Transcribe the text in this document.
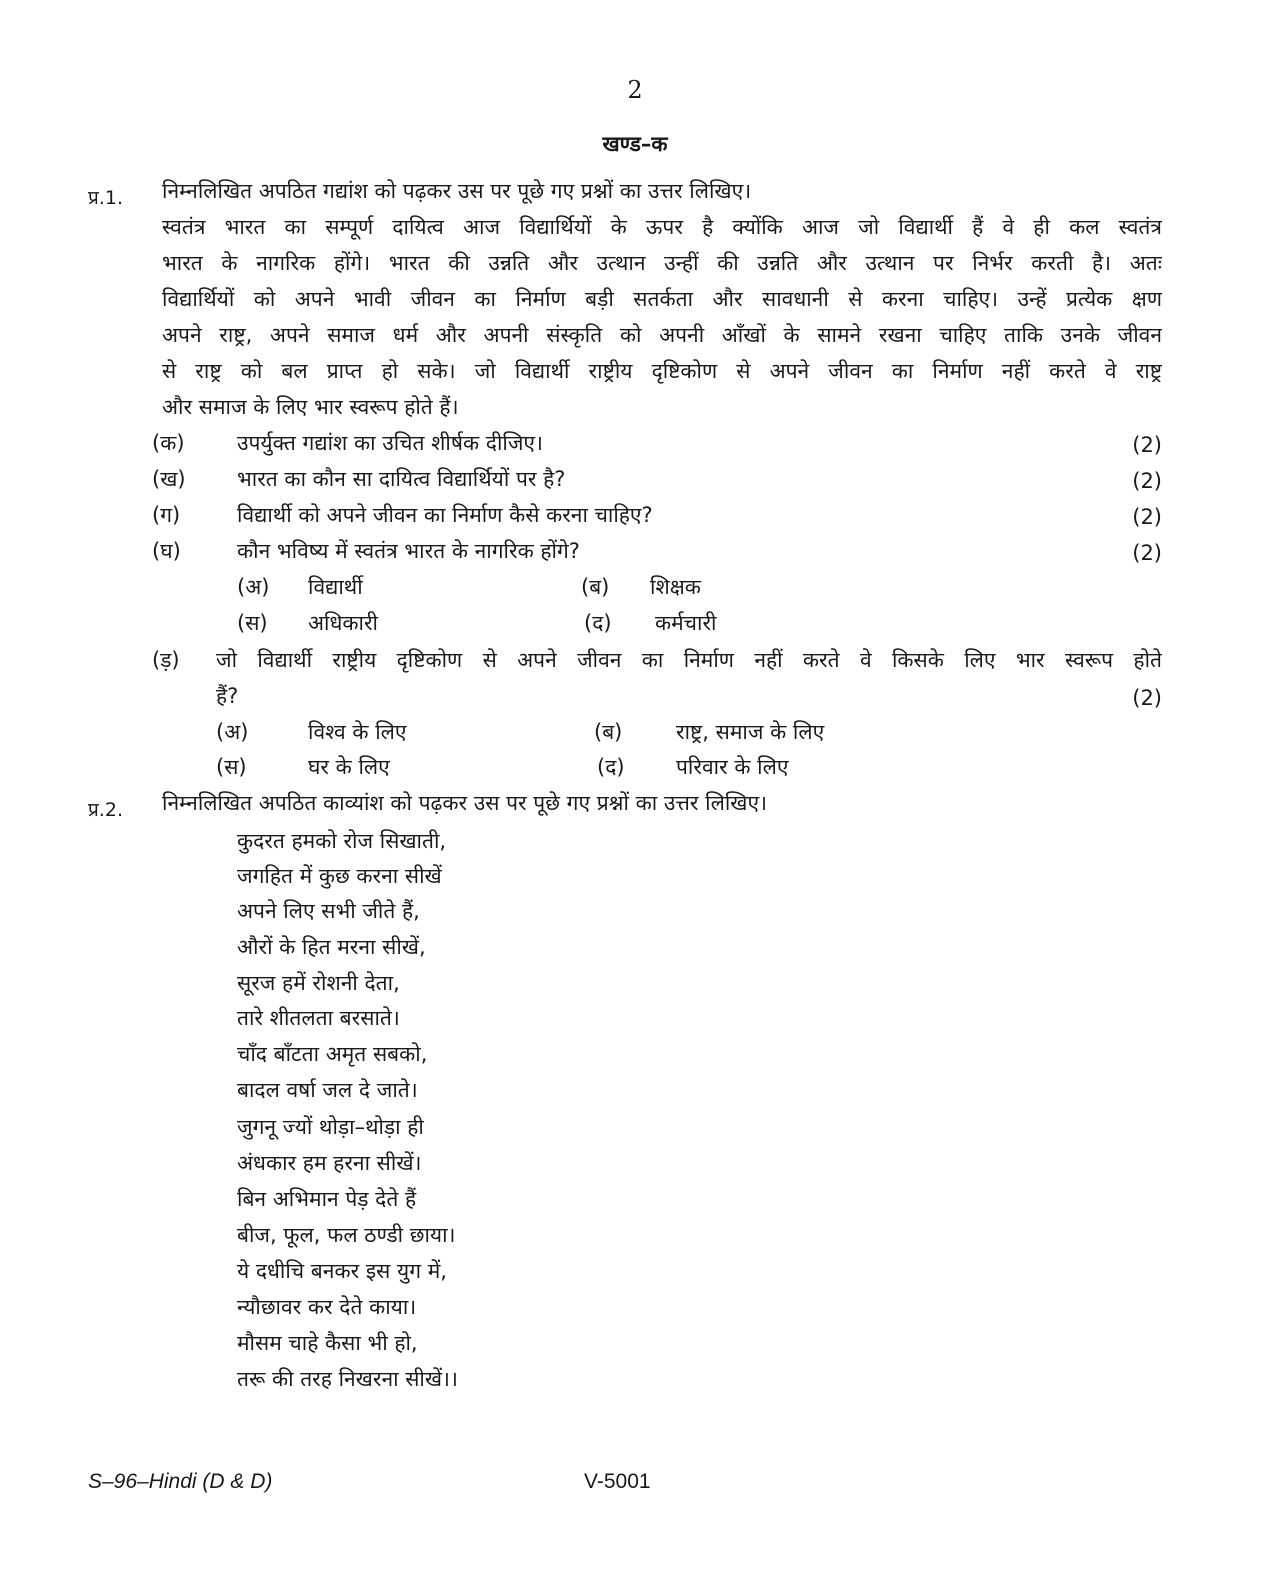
2
खण्ड–क
प्र.1. निम्नलिखित अपठित गद्यांश को पढ़कर उस पर पूछे गए प्रश्नों का उत्तर लिखिए।
स्वतंत्र भारत का सम्पूर्ण दायित्व आज विद्यार्थियों के ऊपर है क्योंकि आज जो विद्यार्थी हैं वे ही कल स्वतंत्र
भारत के नागरिक होंगे। भारत की उन्नति और उत्थान उन्हीं की उन्नति और उत्थान पर निर्भर करती है। अतः
विद्यार्थियों को अपने भावी जीवन का निर्माण बड़ी सतर्कता और सावधानी से करना चाहिए। उन्हें प्रत्येक क्षण
अपने राष्ट्र, अपने समाज धर्म और अपनी संस्कृति को अपनी आँखों के सामने रखना चाहिए ताकि उनके जीवन
से राष्ट्र को बल प्राप्त हो सके। जो विद्यार्थी राष्ट्रीय दृष्टिकोण से अपने जीवन का निर्माण नहीं करते वे राष्ट्र
और समाज के लिए भार स्वरूप होते हैं।
(क) उपर्युक्त गद्यांश का उचित शीर्षक दीजिए।	(2)
(ख) भारत का कौन सा दायित्व विद्यार्थियों पर है?	(2)
(ग)	विद्यार्थी को अपने जीवन का निर्माण कैसे करना चाहिए?	(2)
(घ)	कौन भविष्य में स्वतंत्र भारत के नागरिक होंगे?	(2)
(अ) विद्यार्थी	(ब) शिक्षक
(स) अधिकारी	(द) कर्मचारी
(ड़) जो विद्यार्थी राष्ट्रीय दृष्टिकोण से अपने जीवन का निर्माण नहीं करते वे किसके लिए भार स्वरूप होते
हैं?	(2)
(अ)	विश्व के लिए	(ब)	राष्ट्र, समाज के लिए
(स)	घर के लिए	(द) परिवार के लिए
प्र.2. निम्नलिखित अपठित काव्यांश को पढ़कर उस पर पूछे गए प्रश्नों का उत्तर लिखिए।
कुदरत हमको रोज सिखाती,
जगहित में कुछ करना सीखें
अपने लिए सभी जीते हैं,
औरों के हित मरना सीखें,
सूरज हमें रोशनी देता,
तारे शीतलता बरसाते।
चाँद बाँटता अमृत सबको,
बादल वर्षा जल दे जाते।
जुगनू ज्यों थोड़ा–थोड़ा ही
अंधकार हम हरना सीखें।
बिन अभिमान पेड़ देते हैं
बीज, फूल, फल ठण्डी छाया।
ये दधीचि बनकर इस युग में,
न्यौछावर कर देते काया।
मौसम चाहे कैसा भी हो,
तरू की तरह निखरना सीखें।।
S–96–Hindi (D & D)	V-5001
